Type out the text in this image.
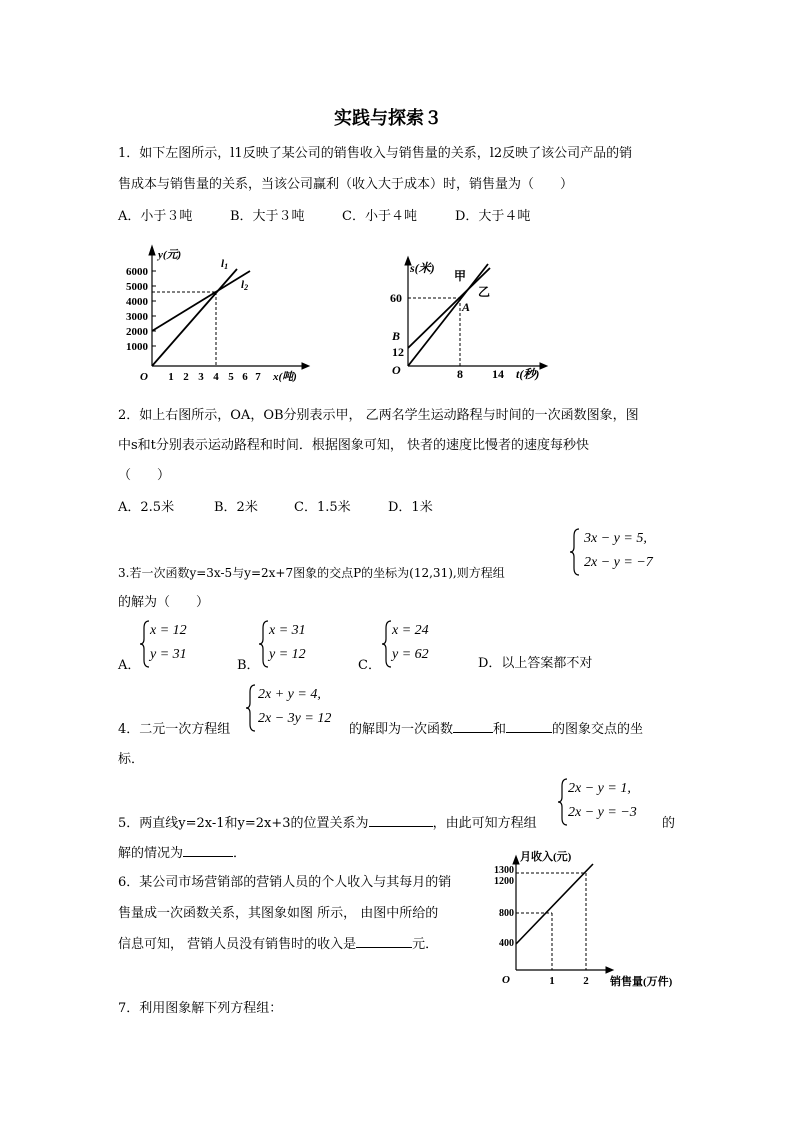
实践与探索３
1．如下左图所示，l1反映了某公司的销售收入与销售量的关系，l2反映了该公司产品的销
售成本与销售量的关系，当该公司赢利（收入大于成本）时，销售量为（　　）
A．小于３吨	B．大于３吨	C．小于４吨	D．大于４吨
y(元)
l1
l2
6000
5000
4000
3000
2000
1000
O 1 2 3 4 5 6 7 x(吨)
s(米)
甲
乙
A
B
60
12
O	8 14 t(秒)
2．如上右图所示，OA，OB分别表示甲， 乙两名学生运动路程与时间的一次函数图象，图
中s和t分别表示运动路程和时间．根据图象可知， 快者的速度比慢者的速度每秒快
（　　）
A．2.5米	B．2米	C．1.5米	D．1米
3.若一次函数y=3x-5与y=2x+7图象的交点P的坐标为(12,31),则方程组
3x − y = 5,
2x − y = −7
的解为（　　）
A．
x = 12
y = 31
B．
x = 31
y = 12
C．
x = 24
y = 62
D．以上答案都不对
4．二元一次方程组
2x + y = 4,
2x − 3y = 12
的解即为一次函数	和	的图象交点的坐
标．
2x − y = 1,
2x − y = −3
5．两直线y=2x-1和y=2x+3的位置关系为	，由此可知方程组	的
解的情况为	．
6．某公司市场营销部的营销人员的个人收入与其每月的销
售量成一次函数关系，其图象如图 所示， 由图中所给的
信息可知， 营销人员没有销售时的收入是	元．
月收入(元)
1300
1200
800
400
O	1	2 销售量(万件)
7．利用图象解下列方程组：
